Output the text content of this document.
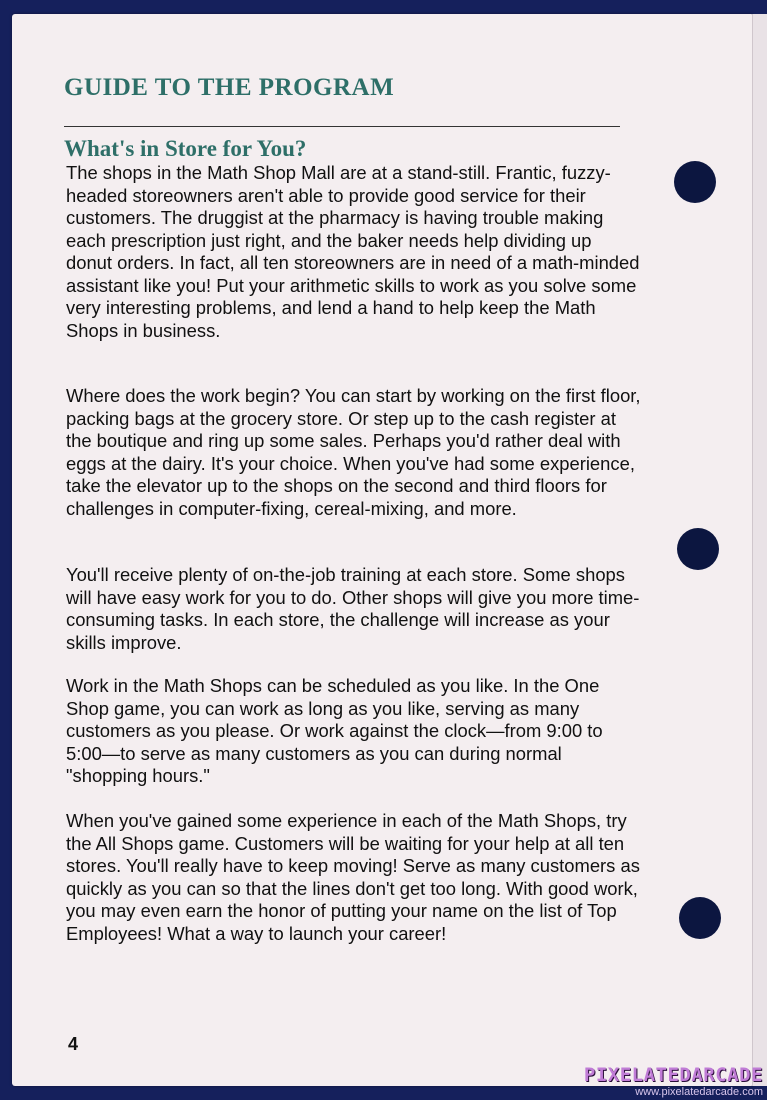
GUIDE TO THE PROGRAM
What's in Store for You?

The shops in the Math Shop Mall are at a stand-still. Frantic, fuzzy-headed storeowners aren't able to provide good service for their customers. The druggist at the pharmacy is having trouble making each prescription just right, and the baker needs help dividing up donut orders. In fact, all ten storeowners are in need of a math-minded assistant like you! Put your arithmetic skills to work as you solve some very interesting problems, and lend a hand to help keep the Math Shops in business.

Where does the work begin? You can start by working on the first floor, packing bags at the grocery store. Or step up to the cash register at the boutique and ring up some sales. Perhaps you'd rather deal with eggs at the dairy. It's your choice. When you've had some experience, take the elevator up to the shops on the second and third floors for challenges in computer-fixing, cereal-mixing, and more.

You'll receive plenty of on-the-job training at each store. Some shops will have easy work for you to do. Other shops will give you more time-consuming tasks. In each store, the challenge will increase as your skills improve.

Work in the Math Shops can be scheduled as you like. In the One Shop game, you can work as long as you like, serving as many customers as you please. Or work against the clock—from 9:00 to 5:00—to serve as many customers as you can during normal "shopping hours."

When you've gained some experience in each of the Math Shops, try the All Shops game. Customers will be waiting for your help at all ten stores. You'll really have to keep moving! Serve as many customers as quickly as you can so that the lines don't get too long. With good work, you may even earn the honor of putting your name on the list of Top Employees! What a way to launch your career!

4

PIXELATEDARCADE
www.pixelatedarcade.com
